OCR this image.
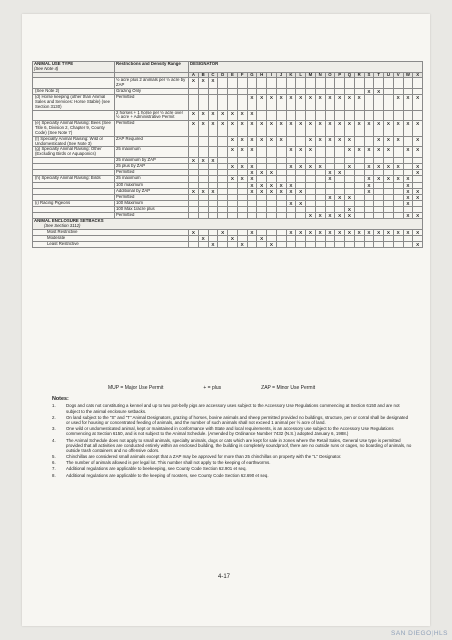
ANIMAL USE TYPE
(See Note 4)	Restrictions and Density Range	DESIGNATOR																							
		A	B	C	D	E	F	G	H	I	J	K	L	M	N	O	P	Q	R	S	T	U	V	W	X
	½ acre plus 2 animals per ½ acre by ZAP	X	X	X																					
(See Note 2)	Grazing Only																			X	X				
(d) Horse keeping (other than Animal Sales and Services: Horse Stable) (see Section 3130)	Permitted							X	X	X	X	X	X	X	X	X	X	X	X				X	X	X
	2 horses + 1 horse per ½ acre over ½ acre + Administrative Permit	X	X	X	X	X	X	X																	
(e) Specialty Animal Raising: Bees (See Title 6, Division 2, Chapter 9, County Code) (See Note 7)	Permitted	X	X	X	X	X	X	X	X	X	X	X	X	X	X	X	X	X	X	X	X	X	X	X	X
(f) Specialty Animal Raising: Wild or Undomesticated (See Note 3)	ZAP Required					X	X	X	X	X	X			X	X	X	X	X			X	X	X		X
(g) Specialty Animal Raising: Other (Excluding Birds or Aquaponics)	25 maximum					X	X	X				X	X	X				X	X	X	X	X		X	X
	25 maximum by ZAP	X	X	X																					
	25 plus by ZAP					X	X	X				X	X	X	X			X		X	X	X	X		X
	Permitted							X	X	X						X	X								X
(h) Specialty Animal Raising: Birds	25 maximum					X	X	X								X				X	X	X	X	X	
	100 maximum							X	X	X	X	X								X				X	
	Additional by ZAP	X	X	X				X	X	X	X	X	X							X				X	X
	Permitted															X	X	X						X	X
(i) Racing Pigeons	100 Maximum											X	X											X	
	100 Max 1/acre plus																	X							
	Permitted													X	X	X	X	X						X	X

ANIMAL ENCLOSURE SETBACKS
(See Section 3112)																									

Most Restrictive		X			X			X				X	X	X	X	X	X	X	X	X	X	X	X	X	X
Moderate			X			X			X																
Least Restrictive				X			X			X															X
MUP = Major Use Permit	+ = plus	ZAP = Minor Use Permit
Notes:
1.	Dogs and cats not constituting a kennel and up to two pot-belly pigs are accessory uses subject to the Accessory Use Regulations commencing at Section 6150 and are not subject to the animal enclosure setbacks.
2.	On land subject to the "S" and "T" Animal Designators, grazing of horses, bovine animals and sheep permitted provided no buildings, structure, pen or corral shall be designated or used for housing or concentrated feeding of animals, and the number of such animals shall not exceed 1 animal per ½ acre of land.
3.	One wild or undomesticated animal, kept or maintained in conformance with State and local requirements, is an accessory use subject to the Accessory Use Regulations commencing at Section 6150, and is not subject to the Animal Schedule. (Amended by Ordinance Number 7432 (N.S.) adopted January 6, 1988.)
4.	The Animal Schedule does not apply to small animals, specialty animals, dogs or cats which are kept for sale in zones where the Retail Sales, General Use type is permitted provided that all activities are conducted entirely within an enclosed building, the building is completely soundproof, there are no outside runs or cages, no boarding of animals, no outside trash containers and no offensive odors.
5.	Chinchillas are considered small animals except that a ZAP may be approved for more than 25 chinchillas on property with the "L" Designator.
6.	The number of animals allowed is per legal lot. This number shall not apply to the keeping of earthworms.
7.	Additional regulations are applicable to beekeeping, see County Code Section 62.901 et seq.
8.	Additional regulations are applicable to the keeping of roosters, see County Code Section 62.690 et seq.
4-17
SAN DIEGO|HLS
